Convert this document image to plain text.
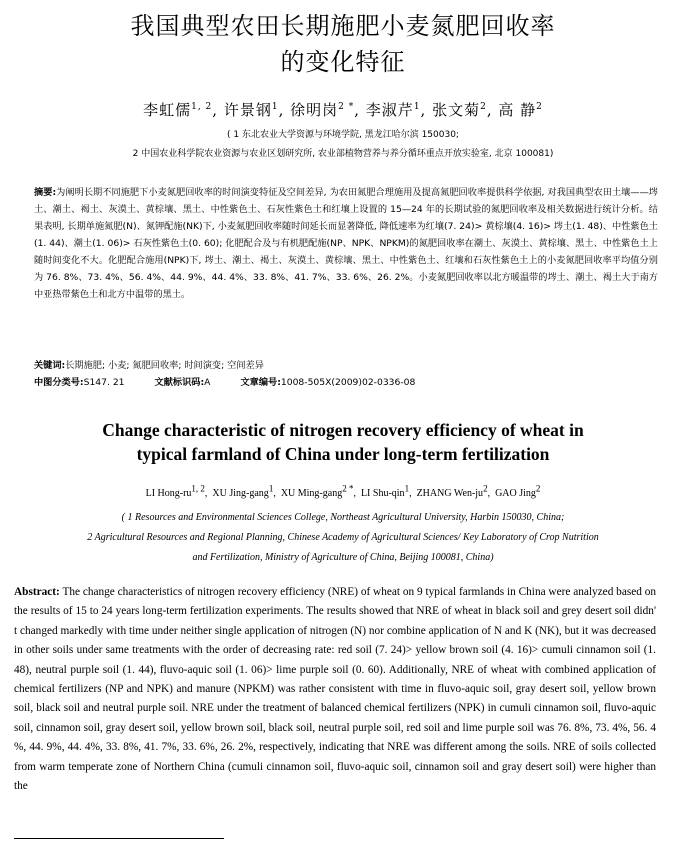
我国典型农田长期施肥小麦氮肥回收率
的变化特征
李虹儒$^{1, 2}$, 许景钢$^1$, 徐明岗$^{2 *}$, 李淑芹$^1$, 张文菊$^2$, 高 静$^2$
( 1 东北农业大学资源与环境学院, 黑龙江哈尔滨 150030;
2 中国农业科学院农业资源与农业区划研究所, 农业部植物营养与养分循环重点开放实验室, 北京 100081)
摘要:为阐明长期不同施肥下小麦氮肥回收率的时间演变特征及空间差异, 为农田氮肥合理施用及提高氮肥回收率提供科学依据, 对我国典型农田土壤——埁土、潮土、褐土、灰漠土、黄棕壤、黑土、中性紫色土、石灰性紫色土和红壤上设置的 15—24 年的长期试验的氮肥回收率及相关数据进行统计分析。结果表明, 长期单施氮肥(N)、氮钾配施(NK)下, 小麦氮肥回收率随时间延长而显著降低, 降低速率为红壤(7. 24)> 黄棕壤(4. 16)> 埁土(1. 48)、中性紫色土(1. 44)、潮土(1. 06)> 石灰性紫色土(0. 60); 化肥配合及与有机肥配施(NP、NPK、NPKM)的氮肥回收率在潮土、灰漠土、黄棕壤、黑土、中性紫色土上随时间变化不大。化肥配合施用(NPK)下, 埁土、潮土、褐土、灰漠土、黄棕壤、黑土、中性紫色土、红壤和石灰性紫色土上的小麦氮肥回收率平均值分别为 76. 8%、73. 4%、56. 4%、44. 9%、44. 4%、33. 8%、41. 7%、33. 6%、26. 2%。小麦氮肥回收率以北方暖温带的埁土、潮土、褐土大于南方中亚热带紫色土和北方中温带的黑土。
关键词:长期施肥; 小麦; 氮肥回收率; 时间演变; 空间差异
中图分类号:S147. 21	文献标识码:A	文章编号:1008-505X(2009)02-0336-08
Change characteristic of nitrogen recovery efficiency of wheat in
typical farmland of China under long-term fertilization
LI Hong-ru1, 2,  XU Jing-gang1,  XU Ming-gang2 *,  LI Shu-qin1,  ZHANG Wen-ju2,  GAO Jing2
( 1 Resources and Environmental Sciences College, Northeast Agricultural University, Harbin 150030, China;
2 Agricultural Resources and Regional Planning, Chinese Academy of Agricultural Sciences/ Key Laboratory of Crop Nutrition
and Fertilization, Ministry of Agriculture of China, Beijing 100081, China)
Abstract: The change characteristics of nitrogen recovery efficiency (NRE) of wheat on 9 typical farmlands in China were analyzed based on the results of 15 to 24 years long-term fertilization experiments. The results showed that NRE of wheat in black soil and grey desert soil didn' t changed markedly with time under neither single application of nitrogen (N) nor combine application of N and K (NK), but it was decreased in other soils under same treatments with the order of decreasing rate: red soil (7. 24)> yellow brown soil (4. 16)> cumuli cinnamon soil (1. 48), neutral purple soil (1. 44), fluvo-aquic soil (1. 06)> lime purple soil (0. 60). Additionally, NRE of wheat with combined application of chemical fertilizers (NP and NPK) and manure (NPKM) was rather consistent with time in fluvo-aquic soil, gray desert soil, yellow brown soil, black soil and neutral purple soil. NRE under the treatment of balanced chemical fertilizers (NPK) in cumuli cinnamon soil, fluvo-aquic soil, cinnamon soil, gray desert soil, yellow brown soil, black soil, neutral purple soil, red soil and lime purple soil was 76. 8%, 73. 4%, 56. 4 %, 44. 9%, 44. 4%, 33. 8%, 41. 7%, 33. 6%, 26. 2%, respectively, indicating that NRE was different among the soils. NRE of soils collected from warm temperate zone of Northern China (cumuli cinnamon soil, fluvo-aquic soil, cinnamon soil and gray desert soil) were higher than the
